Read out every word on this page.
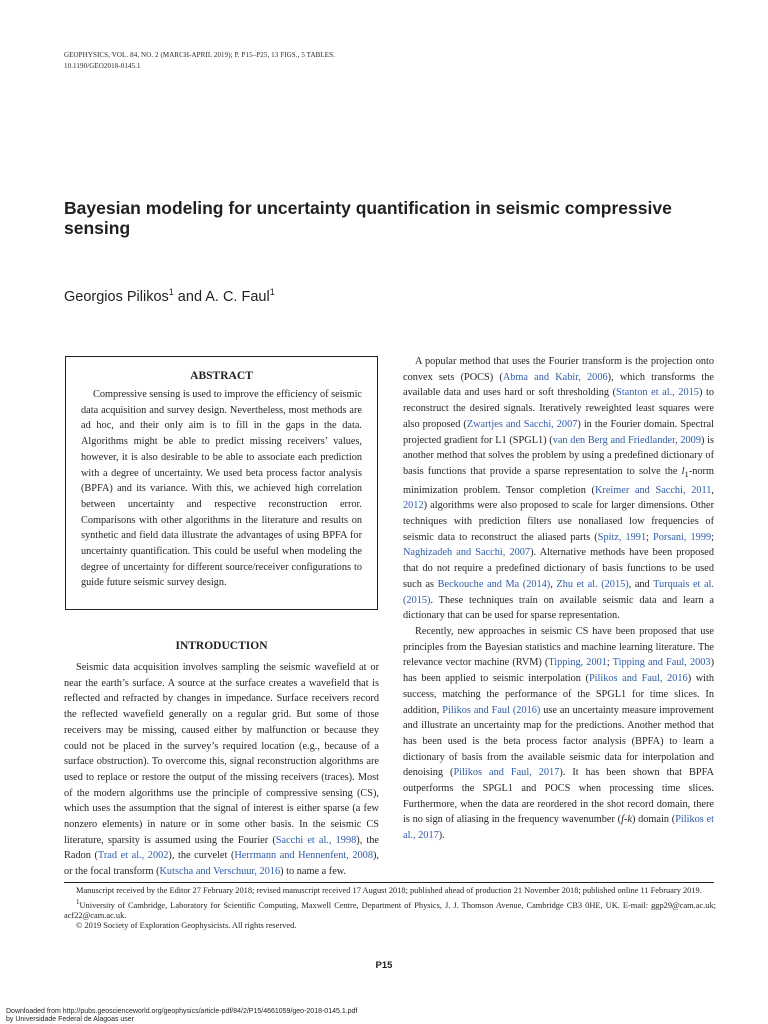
GEOPHYSICS, VOL. 84, NO. 2 (MARCH-APRIL 2019); P. P15–P25, 13 FIGS., 5 TABLES.
10.1190/GEO2018-0145.1
Bayesian modeling for uncertainty quantification in seismic compressive sensing
Georgios Pilikos$^1$ and A. C. Faul$^1$
ABSTRACT
Compressive sensing is used to improve the efficiency of seismic data acquisition and survey design. Nevertheless, most methods are ad hoc, and their only aim is to fill in the gaps in the data. Algorithms might be able to predict missing receivers’ values, however, it is also desirable to be able to associate each prediction with a degree of uncertainty. We used beta process factor analysis (BPFA) and its variance. With this, we achieved high correlation between uncertainty and respective reconstruction error. Comparisons with other algorithms in the literature and results on synthetic and field data illustrate the advantages of using BPFA for uncertainty quantification. This could be useful when modeling the degree of uncertainty for different source/receiver configurations to guide future seismic survey design.
INTRODUCTION

Seismic data acquisition involves sampling the seismic wavefield at or near the earth’s surface. A source at the surface creates a wavefield that is reflected and refracted by changes in impedance. Surface receivers record the reflected wavefield generally on a regular grid. But some of those receivers may be missing, caused either by malfunction or because they could not be placed in the survey’s required location (e.g., because of a surface obstruction). To overcome this, signal reconstruction algorithms are used to replace or restore the output of the missing receivers (traces). Most of the modern algorithms use the principle of compressive sensing (CS), which uses the assumption that the signal of interest is either sparse (a few nonzero elements) in nature or in some other basis. In the seismic CS literature, sparsity is assumed using the Fourier (Sacchi et al., 1998), the Radon (Trad et al., 2002), the curvelet (Herrmann and Hennenfent, 2008), or the focal transform (Kutscha and Verschuur, 2016) to name a few.

A popular method that uses the Fourier transform is the projection onto convex sets (POCS) (Abma and Kabir, 2006), which transforms the available data and uses hard or soft thresholding (Stanton et al., 2015) to reconstruct the desired signals. Iteratively reweighted least squares were also proposed (Zwartjes and Sacchi, 2007) in the Fourier domain. Spectral projected gradient for L1 (SPGL1) (van den Berg and Friedlander, 2009) is another method that solves the problem by using a predefined dictionary of basis functions that provide a sparse representation to solve the $l_1$-norm minimization problem. Tensor completion (Kreimer and Sacchi, 2011, 2012) algorithms were also proposed to scale for larger dimensions. Other techniques with prediction filters use nonaliased low frequencies of seismic data to reconstruct the aliased parts (Spitz, 1991; Porsani, 1999; Naghizadeh and Sacchi, 2007). Alternative methods have been proposed that do not require a predefined dictionary of basis functions to be used such as Beckouche and Ma (2014), Zhu et al. (2015), and Turquais et al. (2015). These techniques train on available seismic data and learn a dictionary that can be used for sparse representation.

Recently, new approaches in seismic CS have been proposed that use principles from the Bayesian statistics and machine learning literature. The relevance vector machine (RVM) (Tipping, 2001; Tipping and Faul, 2003) has been applied to seismic interpolation (Pilikos and Faul, 2016) with success, matching the performance of the SPGL1 for time slices. In addition, Pilikos and Faul (2016) use an uncertainty measure improvement and illustrate an uncertainty map for the predictions. Another method that has been used is the beta process factor analysis (BPFA) to learn a dictionary of basis from the available seismic data for interpolation and denoising (Pilikos and Faul, 2017). It has been shown that BPFA outperforms the SPGL1 and POCS when processing time slices. Furthermore, when the data are reordered in the shot record domain, there is no sign of aliasing in the frequency wavenumber (f-k) domain (Pilikos et al., 2017).

Manuscript received by the Editor 27 February 2018; revised manuscript received 17 August 2018; published ahead of production 21 November 2018; published online 11 February 2019.

$^1$University of Cambridge, Laboratory for Scientific Computing, Maxwell Centre, Department of Physics, J. J. Thomson Avenue, Cambridge CB3 0HE, UK. E-mail: ggp29@cam.ac.uk; acf22@cam.ac.uk.

© 2019 Society of Exploration Geophysicists. All rights reserved.

P15
Downloaded from http://pubs.geoscienceworld.org/geophysics/article-pdf/84/2/P15/4661059/geo-2018-0145.1.pdf
by Universidade Federal de Alagoas user
